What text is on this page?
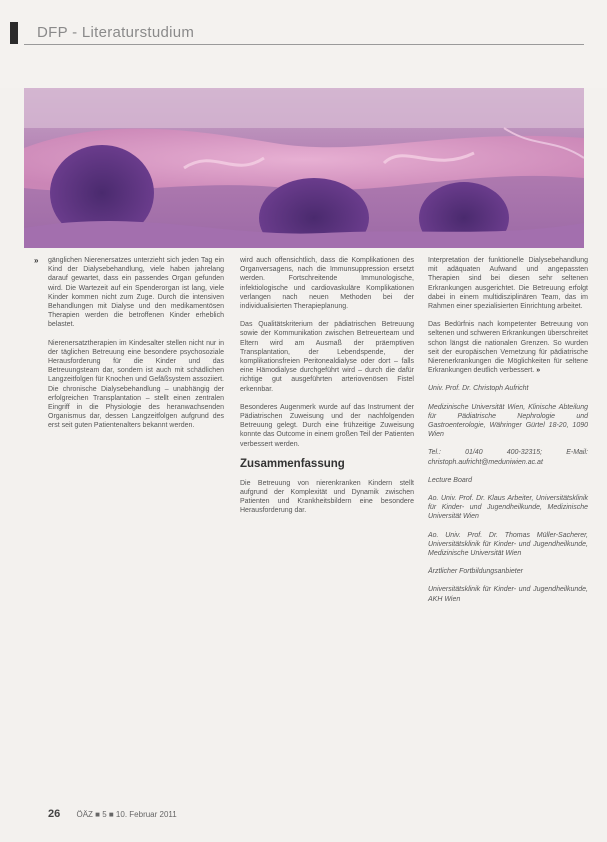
DFP - Literaturstudium
» gänglichen Nierenersatzes unterzieht sich jeden Tag ein Kind der Dialysebehandlung, viele haben jahrelang darauf gewartet, dass ein passendes Organ gefunden wird. Die Wartezeit auf ein Spenderorgan ist lang, viele Kinder kommen nicht zum Zuge. Durch die intensiven Behandlungen mit Dialyse und den medikamentösen Therapien werden die betroffenen Kinder erheblich belastet.

Nierenersatztherapien im Kindesalter stellen nicht nur in der täglichen Betreuung eine besondere psychosoziale Herausforderung für die Kinder und das Betreuungsteam dar, sondern ist auch mit schädlichen Langzeitfolgen für Knochen und Gefäßsystem assoziiert. Die chronische Dialysebehandlung – unabhängig der erfolgreichen Transplantation – stellt einen zentralen Eingriff in die Physiologie des heranwachsenden Organismus dar, dessen Langzeitfolgen aufgrund des erst seit guten Patientenalters bekannt werden.

wird auch offensichtlich, dass die Komplikationen des Organversagens, nach die Immunsuppression ersetzt werden. Fortschreitende Immunologische, infektiologische und cardiovaskuläre Komplikationen verlangen nach neuen Methoden bei der individualisierten Therapieplanung.

Das Qualitätskriterium der pädiatrischen Betreuung sowie der Kommunikation zwischen Betreuerteam und Eltern wird am Ausmaß der präemptiven Transplantation, der Lebendspende, der komplikationsfreien Peritonealdialyse oder dort – falls eine Hämodialyse durchgeführt wird – durch die dafür richtige gut ausgeführten arteriovenösen Fistel erkennbar.

Besonderes Augenmerk wurde auf das Instrument der Pädiatrischen Zuweisung und der nachfolgenden Betreuung gelegt. Durch eine frühzeitige Zuweisung konnte das Outcome in einem großen Teil der Patienten verbessert werden.

Zusammenfassung

Die Betreuung von nierenkranken Kindern stellt aufgrund der Komplexität und Dynamik zwischen Patienten und Krankheitsbildern eine besondere Herausforderung dar.

Interpretation der funktionelle Dialysebehandlung mit adäquaten Aufwand und angepassten Therapien sind bei diesen sehr seltenen Erkrankungen ausgerichtet. Die Betreuung erfolgt dabei in einem multidisziplinären Team, das im Rahmen einer spezialisierten Einrichtung arbeitet.

Das Bedürfnis nach kompetenter Betreuung von seltenen und schweren Erkrankungen überschreitet schon längst die nationalen Grenzen. So wurden seit der europäischen Vernetzung für pädiatrische Nierenerkrankungen die Möglichkeiten für seltene Erkrankungen deutlich verbessert. »

Univ. Prof. Dr. Christoph Aufricht

Medizinische Universität Wien, Klinische Abteilung für Pädiatrische Nephrologie und Gastroenterologie, Währinger Gürtel 18-20, 1090 Wien

Tel.: 01/40 400-32315; E-Mail: christoph.aufricht@meduniwien.ac.at

Lecture Board

Ao. Univ. Prof. Dr. Klaus Arbeiter, Universitätsklinik für Kinder- und Jugendheilkunde, Medizinische Universität Wien

Ao. Univ. Prof. Dr. Thomas Müller-Sacherer, Universitätsklinik für Kinder- und Jugendheilkunde, Medizinische Universität Wien

Ärztlicher Fortbildungsanbieter

Universitätsklinik für Kinder- und Jugendheilkunde, AKH Wien

26 ÖÄZ ■ 5 ■ 10. Februar 2011
